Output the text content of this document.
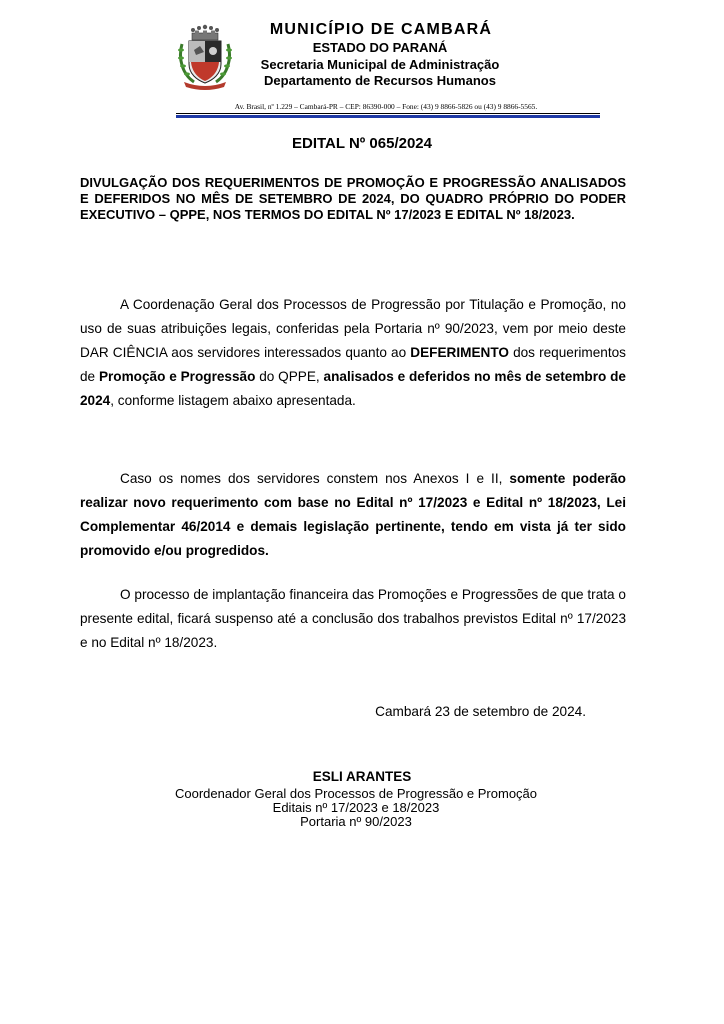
MUNICÍPIO DE CAMBARÁ
ESTADO DO PARANÁ
Secretaria Municipal de Administração
Departamento de Recursos Humanos
Av. Brasil, nº 1.229 – Cambará-PR – CEP: 86390-000 – Fone: (43) 9 8866-5826 ou (43) 9 8866-5565.
EDITAL Nº 065/2024
DIVULGAÇÃO DOS REQUERIMENTOS DE PROMOÇÃO E PROGRESSÃO ANALISADOS E DEFERIDOS NO MÊS DE SETEMBRO DE 2024, DO QUADRO PRÓPRIO DO PODER EXECUTIVO – QPPE, NOS TERMOS DO EDITAL Nº 17/2023 E EDITAL Nº 18/2023.
A Coordenação Geral dos Processos de Progressão por Titulação e Promoção, no uso de suas atribuições legais, conferidas pela Portaria nº 90/2023, vem por meio deste DAR CIÊNCIA aos servidores interessados quanto ao DEFERIMENTO dos requerimentos de Promoção e Progressão do QPPE, analisados e deferidos no mês de setembro de 2024, conforme listagem abaixo apresentada.
Caso os nomes dos servidores constem nos Anexos I e II, somente poderão realizar novo requerimento com base no Edital nº 17/2023 e Edital nº 18/2023, Lei Complementar 46/2014 e demais legislação pertinente, tendo em vista já ter sido promovido e/ou progredidos.
O processo de implantação financeira das Promoções e Progressões de que trata o presente edital, ficará suspenso até a conclusão dos trabalhos previstos Edital nº 17/2023 e no Edital nº 18/2023.
Cambará 23 de setembro de 2024.
ESLI ARANTES
Coordenador Geral dos Processos de Progressão e Promoção
Editais nº 17/2023 e 18/2023
Portaria nº 90/2023
